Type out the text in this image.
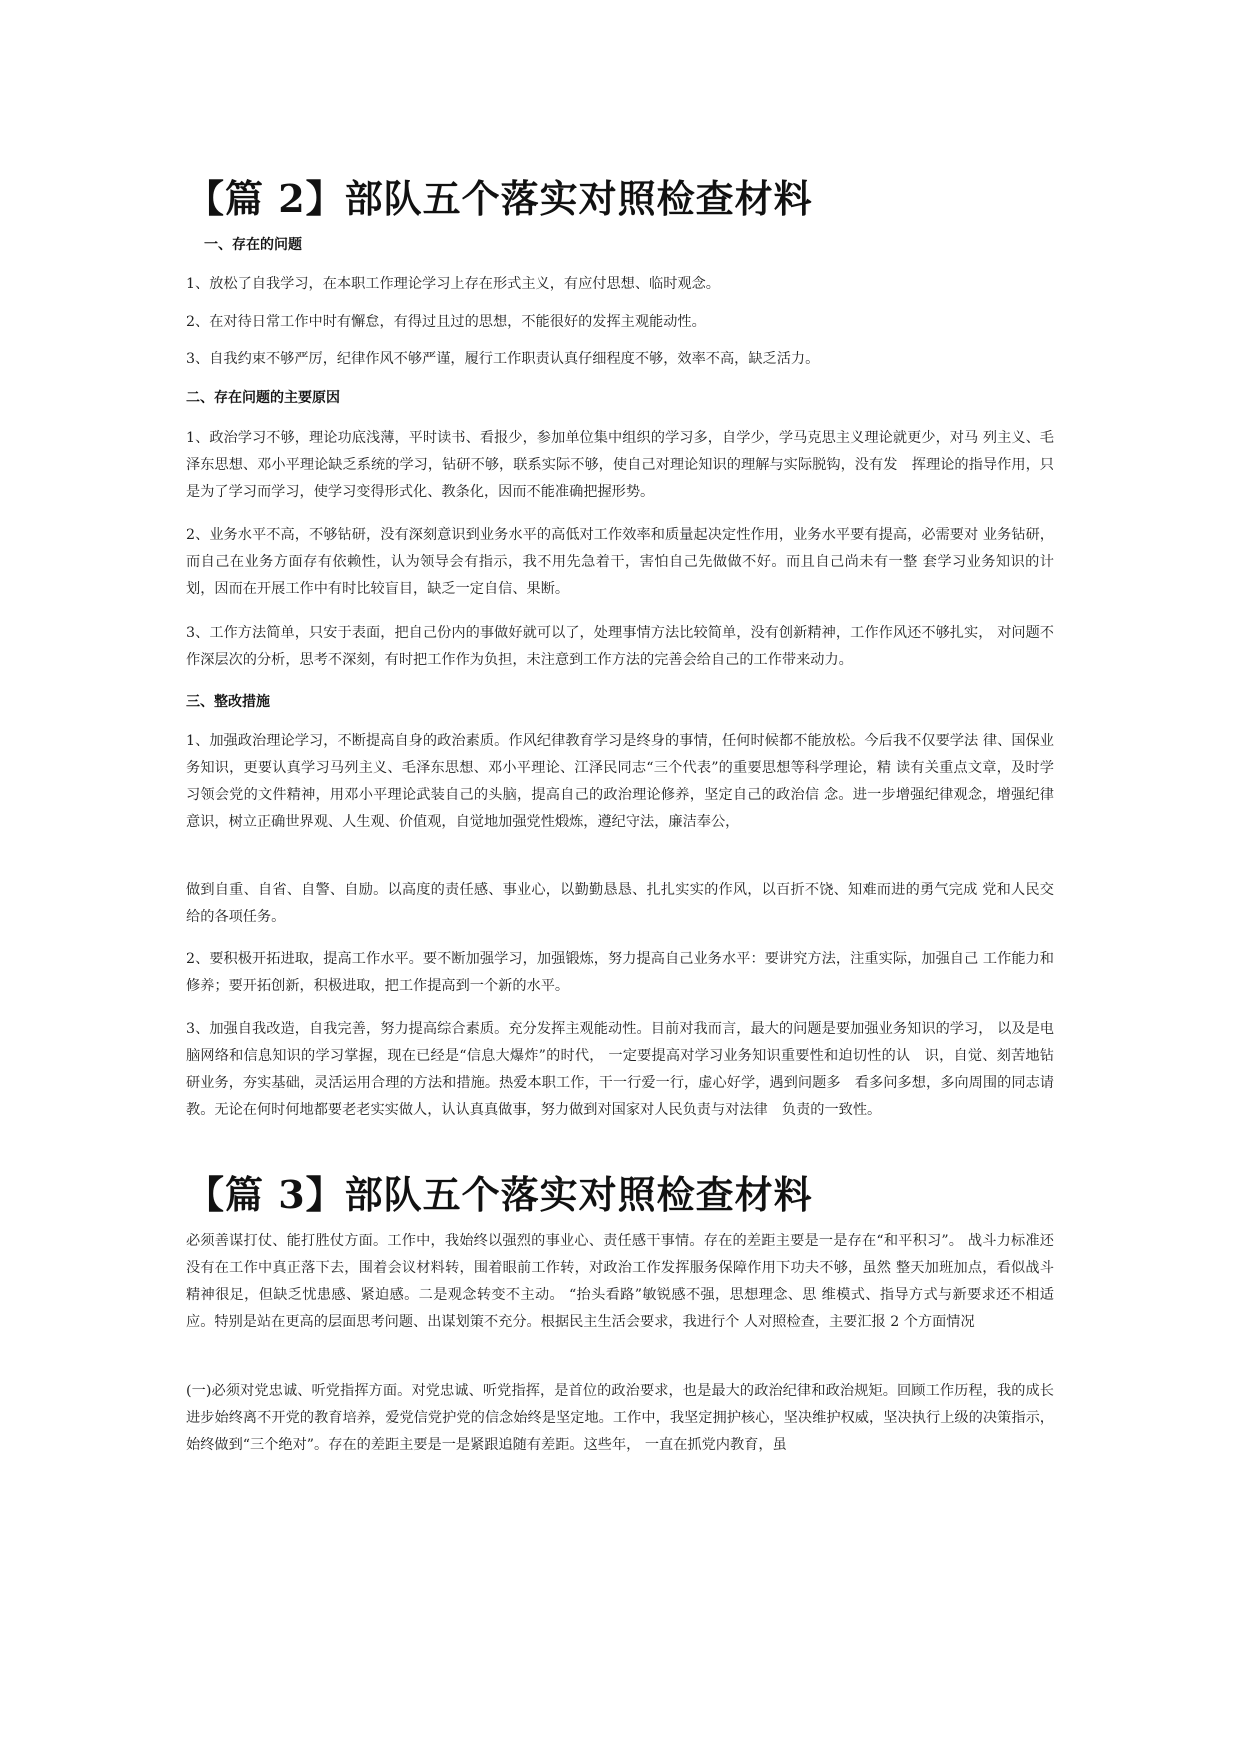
【篇 2】部队五个落实对照检查材料
一、存在的问题

1、放松了自我学习，在本职工作理论学习上存在形式主义，有应付思想、临时观念。

2、在对待日常工作中时有懈怠，有得过且过的思想，不能很好的发挥主观能动性。

3、自我约束不够严厉，纪律作风不够严谨，履行工作职责认真仔细程度不够，效率不高，缺乏活力。

二、存在问题的主要原因

1、政治学习不够，理论功底浅薄，平时读书、看报少，参加单位集中组织的学习多，自学少，学马克思主义理论就更少，对马 列主义、毛泽东思想、邓小平理论缺乏系统的学习，钻研不够，联系实际不够，使自己对理论知识的理解与实际脱钩，没有发　挥理论的指导作用，只是为了学习而学习，使学习变得形式化、教条化，因而不能准确把握形势。

2、业务水平不高，不够钻研，没有深刻意识到业务水平的高低对工作效率和质量起决定性作用，业务水平要有提高，必需要对 业务钻研，而自己在业务方面存有依赖性，认为领导会有指示，我不用先急着干，害怕自己先做做不好。而且自己尚未有一整 套学习业务知识的计划，因而在开展工作中有时比较盲目，缺乏一定自信、果断。

3、工作方法简单，只安于表面，把自己份内的事做好就可以了，处理事情方法比较简单，没有创新精神，工作作风还不够扎实， 对问题不作深层次的分析，思考不深刻，有时把工作作为负担，未注意到工作方法的完善会给自己的工作带来动力。

三、整改措施

1、加强政治理论学习，不断提高自身的政治素质。作风纪律教育学习是终身的事情，任何时候都不能放松。今后我不仅要学法 律、国保业务知识，更要认真学习马列主义、毛泽东思想、邓小平理论、江泽民同志“三个代表”的重要思想等科学理论，精 读有关重点文章，及时学习领会党的文件精神，用邓小平理论武装自己的头脑，提高自己的政治理论修养，坚定自己的政治信 念。进一步增强纪律观念，增强纪律意识，树立正确世界观、人生观、价值观，自觉地加强党性煅炼，遵纪守法，廉洁奉公，

做到自重、自省、自警、自励。以高度的责任感、事业心，以勤勤恳恳、扎扎实实的作风，以百折不饶、知难而进的勇气完成 党和人民交给的各项任务。

2、要积极开拓进取，提高工作水平。要不断加强学习，加强锻炼，努力提高自己业务水平：要讲究方法，注重实际，加强自己 工作能力和修养；要开拓创新，积极进取，把工作提高到一个新的水平。

3、加强自我改造，自我完善，努力提高综合素质。充分发挥主观能动性。目前对我而言，最大的问题是要加强业务知识的学习， 以及是电脑网络和信息知识的学习掌握，现在已经是“信息大爆炸”的时代， 一定要提高对学习业务知识重要性和迫切性的认　识，自觉、刻苦地钻研业务，夯实基础，灵活运用合理的方法和措施。热爱本职工作，干一行爱一行，虚心好学，遇到问题多　看多问多想，多向周围的同志请教。无论在何时何地都要老老实实做人，认认真真做事，努力做到对国家对人民负责与对法律　负责的一致性。

【篇 3】部队五个落实对照检查材料

必须善谋打仗、能打胜仗方面。工作中，我始终以强烈的事业心、责任感干事情。存在的差距主要是一是存在“和平积习”。 战斗力标准还没有在工作中真正落下去，围着会议材料转，围着眼前工作转，对政治工作发挥服务保障作用下功夫不够，虽然 整天加班加点，看似战斗精神很足，但缺乏忧患感、紧迫感。二是观念转变不主动。 “抬头看路”敏锐感不强，思想理念、思 维模式、指导方式与新要求还不相适应。特别是站在更高的层面思考问题、出谋划策不充分。根据民主生活会要求，我进行个 人对照检查，主要汇报 2 个方面情况

(一)必须对党忠诚、听党指挥方面。对党忠诚、听党指挥，是首位的政治要求，也是最大的政治纪律和政治规矩。回顾工作历程，我的成长进步始终离不开党的教育培养，爱党信党护党的信念始终是坚定地。工作中，我坚定拥护核心，坚决维护权威，坚决执行上级的决策指示，始终做到“三个绝对”。存在的差距主要是一是紧跟追随有差距。这些年， 一直在抓党内教育，虽
